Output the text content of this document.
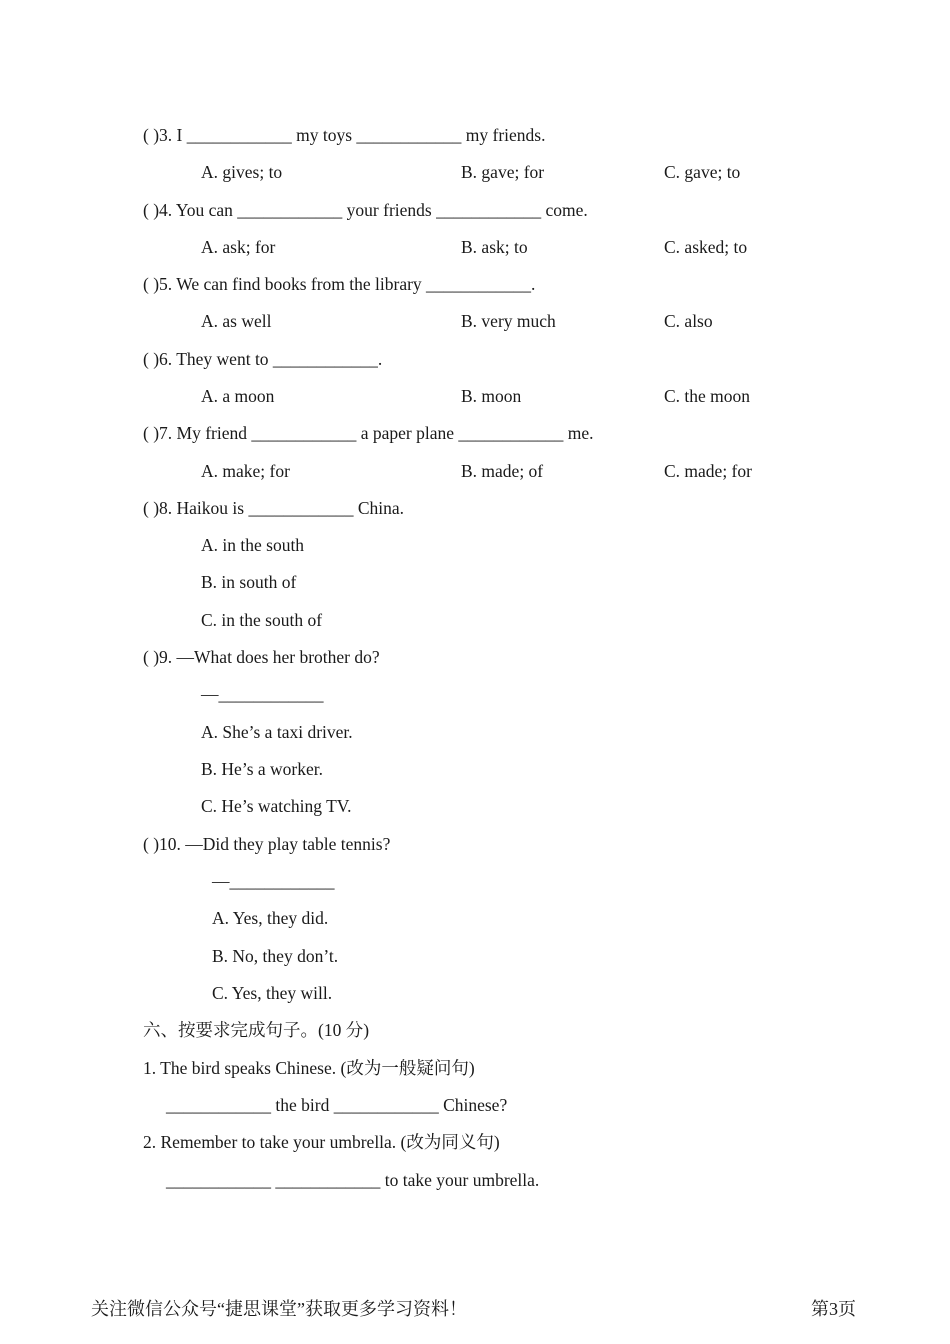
( )3. I ____________ my toys ____________ my friends.
A. gives; to	B. gave; for	C. gave; to
( )4. You can ____________ your friends ____________ come.
A. ask; for	B. ask; to	C. asked; to
( )5. We can find books from the library ____________.
A. as well	B. very much	C. also
( )6. They went to ____________.
A. a moon	B. moon	C. the moon
( )7. My friend ____________ a paper plane ____________ me.
A. make; for	B. made; of	C. made; for
( )8. Haikou is ____________ China.
A. in the south
B. in south of
C. in the south of
( )9. —What does her brother do?
—____________
A. She’s a taxi driver.
B. He’s a worker.
C. He’s watching TV.
( )10. —Did they play table tennis?
—____________
A. Yes, they did.
B. No, they don’t.
C. Yes, they will.
六、按要求完成句子。(10 分)
1. The bird speaks Chinese. (改为一般疑问句)
____________ the bird ____________ Chinese?
2. Remember to take your umbrella. (改为同义句)
____________ ____________ to take your umbrella.
关注微信公众号“捷思课堂”获取更多学习资料！	第3页
